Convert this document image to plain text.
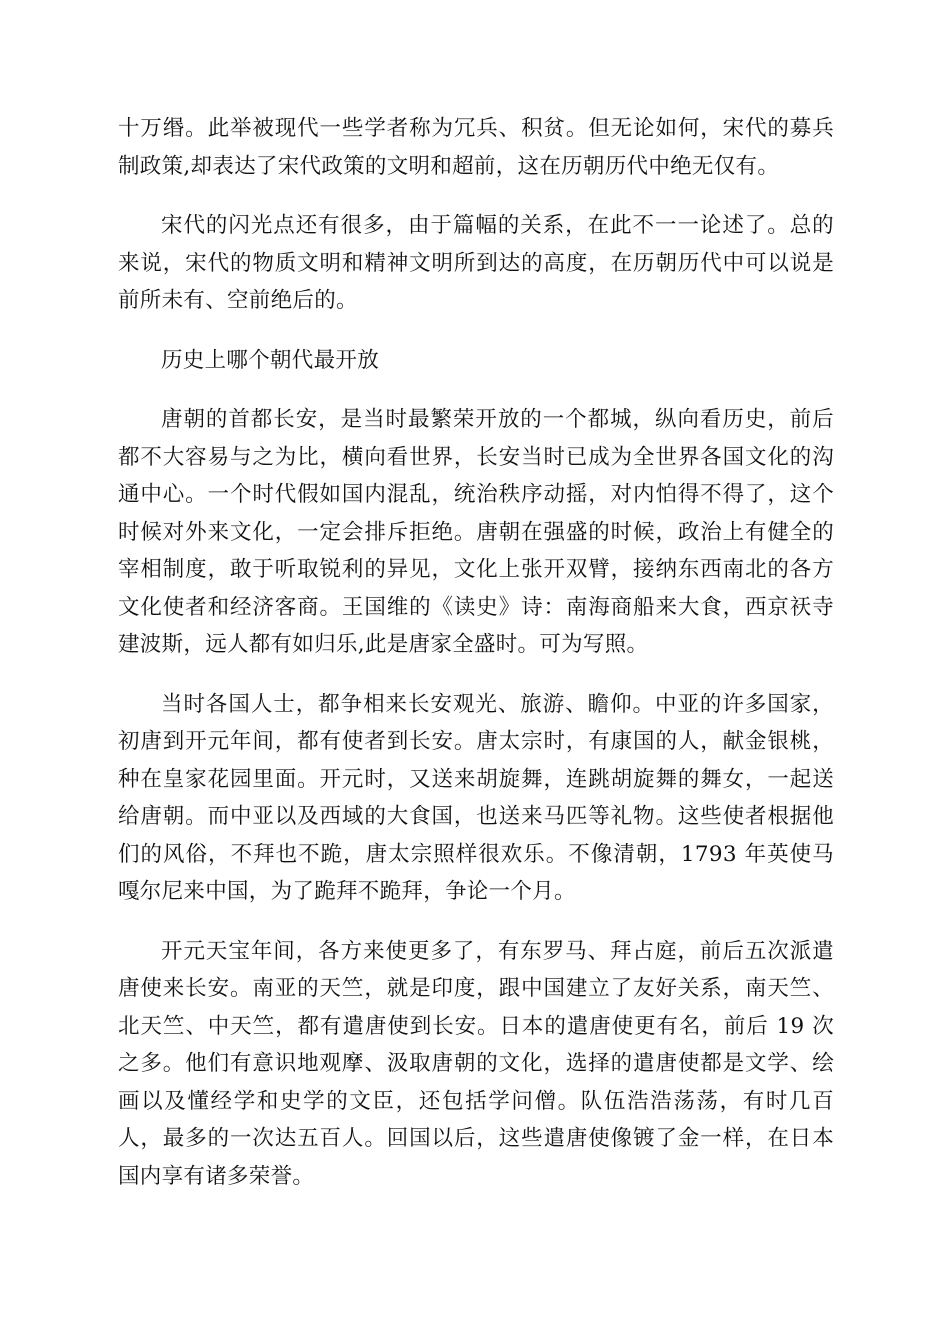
十万缗。此举被现代一些学者称为冗兵、积贫。但无论如何，宋代的募兵制政策,却表达了宋代政策的文明和超前，这在历朝历代中绝无仅有。

宋代的闪光点还有很多，由于篇幅的关系，在此不一一论述了。总的来说，宋代的物质文明和精神文明所到达的高度，在历朝历代中可以说是前所未有、空前绝后的。

历史上哪个朝代最开放

唐朝的首都长安，是当时最繁荣开放的一个都城，纵向看历史，前后都不大容易与之为比，横向看世界，长安当时已成为全世界各国文化的沟通中心。一个时代假如国内混乱，统治秩序动摇，对内怕得不得了，这个时候对外来文化，一定会排斥拒绝。唐朝在强盛的时候，政治上有健全的宰相制度，敢于听取锐利的异见，文化上张开双臂，接纳东西南北的各方文化使者和经济客商。王国维的《读史》诗：南海商船来大食，西京祆寺建波斯，远人都有如归乐,此是唐家全盛时。可为写照。

当时各国人士，都争相来长安观光、旅游、瞻仰。中亚的许多国家，初唐到开元年间，都有使者到长安。唐太宗时，有康国的人，献金银桃，种在皇家花园里面。开元时，又送来胡旋舞，连跳胡旋舞的舞女，一起送给唐朝。而中亚以及西域的大食国，也送来马匹等礼物。这些使者根据他们的风俗，不拜也不跪，唐太宗照样很欢乐。不像清朝，1793 年英使马嘎尔尼来中国，为了跪拜不跪拜，争论一个月。

开元天宝年间，各方来使更多了，有东罗马、拜占庭，前后五次派遣唐使来长安。南亚的天竺，就是印度，跟中国建立了友好关系，南天竺、北天竺、中天竺，都有遣唐使到长安。日本的遣唐使更有名，前后 19 次之多。他们有意识地观摩、汲取唐朝的文化，选择的遣唐使都是文学、绘画以及懂经学和史学的文臣，还包括学问僧。队伍浩浩荡荡，有时几百人，最多的一次达五百人。回国以后，这些遣唐使像镀了金一样，在日本国内享有诸多荣誉。
